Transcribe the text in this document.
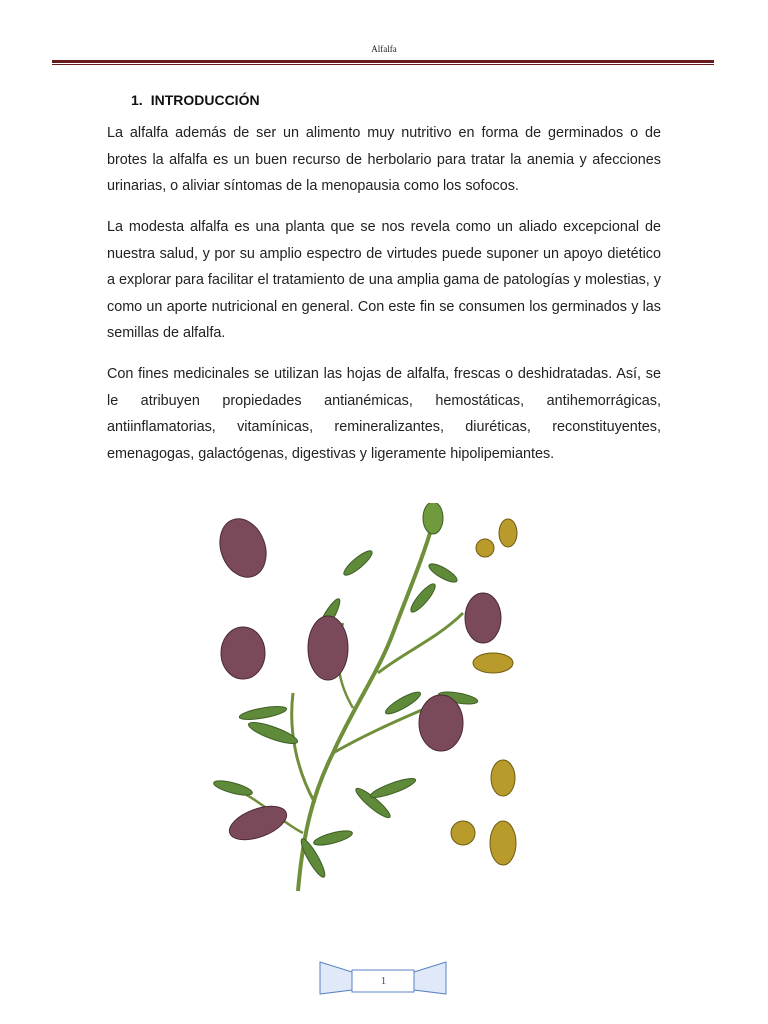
Alfalfa
1. INTRODUCCIÓN

La alfalfa además de ser un alimento muy nutritivo en forma de germinados o de brotes la alfalfa es un buen recurso de herbolario para tratar la anemia y afecciones urinarias, o aliviar síntomas de la menopausia como los sofocos.

La modesta alfalfa es una planta que se nos revela como un aliado excepcional de nuestra salud, y por su amplio espectro de virtudes puede suponer un apoyo dietético a explorar para facilitar el tratamiento de una amplia gama de patologías y molestias, y como un aporte nutricional en general. Con este fin se consumen los germinados y las semillas de alfalfa.

Con fines medicinales se utilizan las hojas de alfalfa, frescas o deshidratadas. Así, se le atribuyen propiedades antianémicas, hemostáticas, antihemorrágicas, antiinflamatorias, vitamínicas, remineralizantes, diuréticas, reconstituyentes, emenagogas, galactógenas, digestivas y ligeramente hipolipemiantes.

1
